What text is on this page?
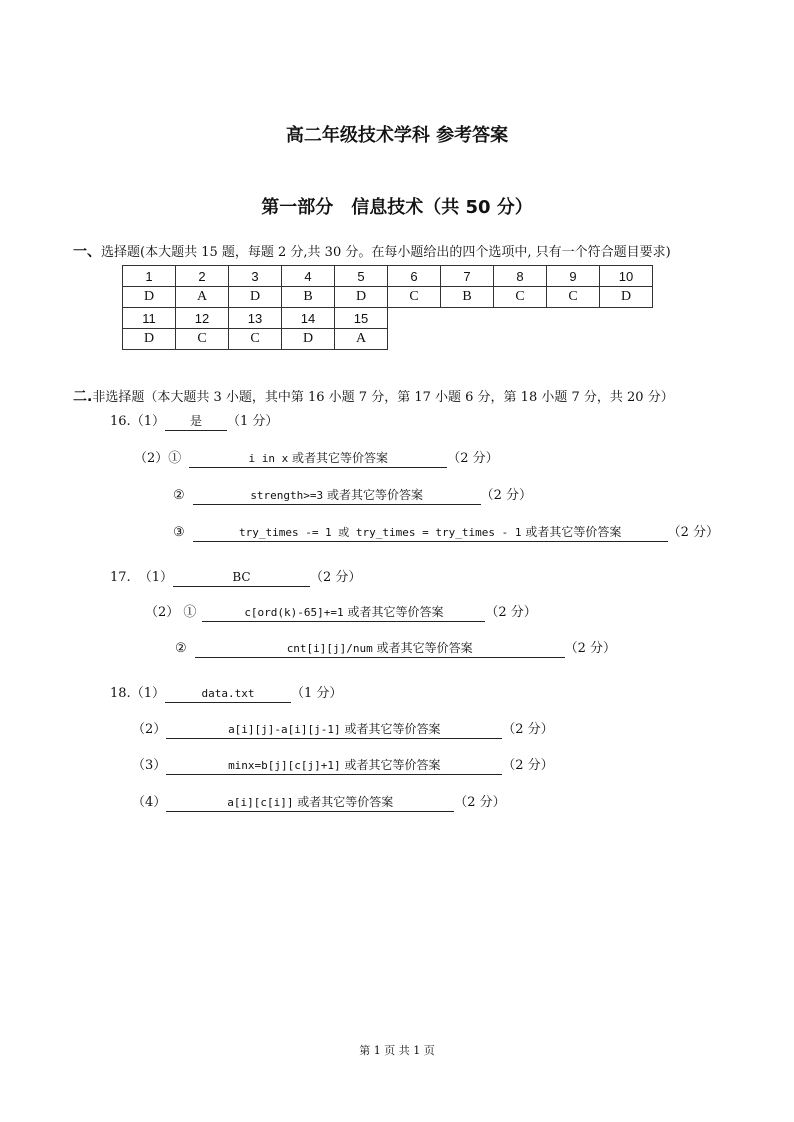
高二年级技术学科 参考答案
第一部分　信息技术（共 50 分）
一、选择题(本大题共 15 题，每题 2 分,共 30 分。在每小题给出的四个选项中, 只有一个符合题目要求)
1	2	3	4	5	6	7	8	9	10
D	A	D	B	D	C	B	C	C	D
11	12	13	14	15					
D	C	C	D	A					
二.非选择题（本大题共 3 小题，其中第 16 小题 7 分，第 17 小题 6 分，第 18 小题 7 分，共 20 分）
16. （1）	是	（1 分）
（2）①	i in x 或者其它等价答案	（2 分）
②	strength>=3 或者其它等价答案	（2 分）
③	try_times -= 1 或 try_times = try_times - 1 或者其它等价答案	（2 分）
17. （1）	BC	（2 分）
（2） ①	c[ord(k)-65]+=1 或者其它等价答案	（2 分）
②	cnt[i][j]/num 或者其它等价答案	（2 分）
18. （1）	data.txt	（1 分）
（2）	a[i][j]-a[i][j-1] 或者其它等价答案	（2 分）
（3）	minx=b[j][c[j]+1] 或者其它等价答案	（2 分）
（4）	a[i][c[i]] 或者其它等价答案	（2 分）
第 1 页 共 1 页
